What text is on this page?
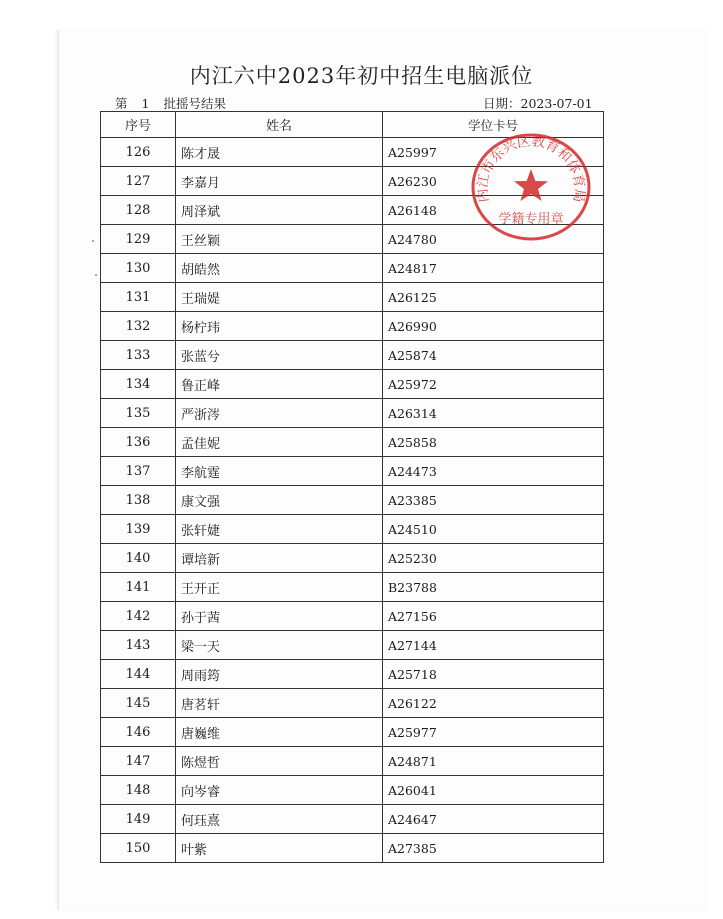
内江六中2023年初中招生电脑派位
第 1 批摇号结果	日期：2023-07-01
序号	姓名	学位卡号
126	陈才晟	A25997
127	李嘉月	A26230
128	周泽斌	A26148
129	王丝颖	A24780
130	胡皓然	A24817
131	王瑞媞	A26125
132	杨柠玮	A26990
133	张蓝兮	A25874
134	鲁正峰	A25972
135	严浙涔	A26314
136	孟佳妮	A25858
137	李航霆	A24473
138	康文强	A23385
139	张轩婕	A24510
140	谭培新	A25230
141	王开正	B23788
142	孙于茜	A27156
143	梁一天	A27144
144	周雨筠	A25718
145	唐茗轩	A26122
146	唐巍维	A25977
147	陈煜哲	A24871
148	向岑睿	A26041
149	何珏熹	A24647
150	叶紫	A27385
内江市东兴区教育和体育局
学籍专用章
